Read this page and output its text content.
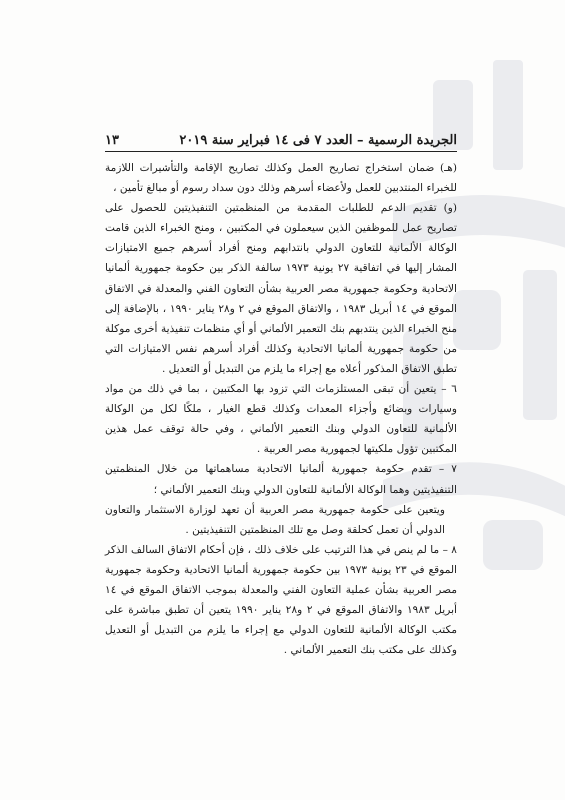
الجريدة الرسمية – العدد ٧ فى ١٤ فبراير سنة ٢٠١٩
١٣

(هـ) ضمان استخراج تصاريح العمل وكذلك تصاريح الإقامة والتأشيرات اللازمة للخبراء المنتدبين للعمل ولأعضاء أسرهم وذلك دون سداد رسوم أو مبالغ تأمين ،

(و) تقديم الدعم للطلبات المقدمة من المنظمتين التنفيذيتين للحصول على تصاريح عمل للموظفين الذين سيعملون في المكتبين ، ومنح الخبراء الذين قامت الوكالة الألمانية للتعاون الدولي بانتدابهم ومنح أفراد أسرهم جميع الامتيازات المشار إليها في اتفاقية ٢٧ يونية ١٩٧٣ سالفة الذكر بين حكومة جمهورية ألمانيا الاتحادية وحكومة جمهورية مصر العربية بشأن التعاون الفني والمعدلة في الاتفاق الموقع في ١٤ أبريل ١٩٨٣ ، والاتفاق الموقع في ٢ و٢٨ يناير ١٩٩٠ ، بالإضافة إلى منح الخبراء الذين ينتدبهم بنك التعمير الألماني أو أي منظمات تنفيذية أخرى موكلة من حكومة جمهورية ألمانيا الاتحادية وكذلك أفراد أسرهم نفس الامتيازات التي تطبق الاتفاق المذكور أعلاه مع إجراء ما يلزم من التبديل أو التعديل .

٦ – يتعين أن تبقى المستلزمات التي تزود بها المكتبين ، بما في ذلك من مواد وسيارات وبضائع وأجزاء المعدات وكذلك قطع الغيار ، ملكًا لكل من الوكالة الألمانية للتعاون الدولي وبنك التعمير الألماني ، وفي حالة توقف عمل هذين المكتبين تؤول ملكيتها لجمهورية مصر العربية .

٧ – تقدم حكومة جمهورية ألمانيا الاتحادية مساهماتها من خلال المنظمتين التنفيذيتين وهما الوكالة الألمانية للتعاون الدولي وبنك التعمير الألماني ؛

ويتعين على حكومة جمهورية مصر العربية أن تعهد لوزارة الاستثمار والتعاون الدولي أن تعمل كحلقة وصل مع تلك المنظمتين التنفيذيتين .

٨ – ما لم ينص في هذا الترتيب على خلاف ذلك ، فإن أحكام الاتفاق السالف الذكر الموقع في ٢٣ يونية ١٩٧٣ بين حكومة جمهورية ألمانيا الاتحادية وحكومة جمهورية مصر العربية بشأن عملية التعاون الفني والمعدلة بموجب الاتفاق الموقع في ١٤ أبريل ١٩٨٣ والاتفاق الموقع في ٢ و٢٨ يناير ١٩٩٠ يتعين أن تطبق مباشرة على مكتب الوكالة الألمانية للتعاون الدولي مع إجراء ما يلزم من التبديل أو التعديل وكذلك على مكتب بنك التعمير الألماني .
